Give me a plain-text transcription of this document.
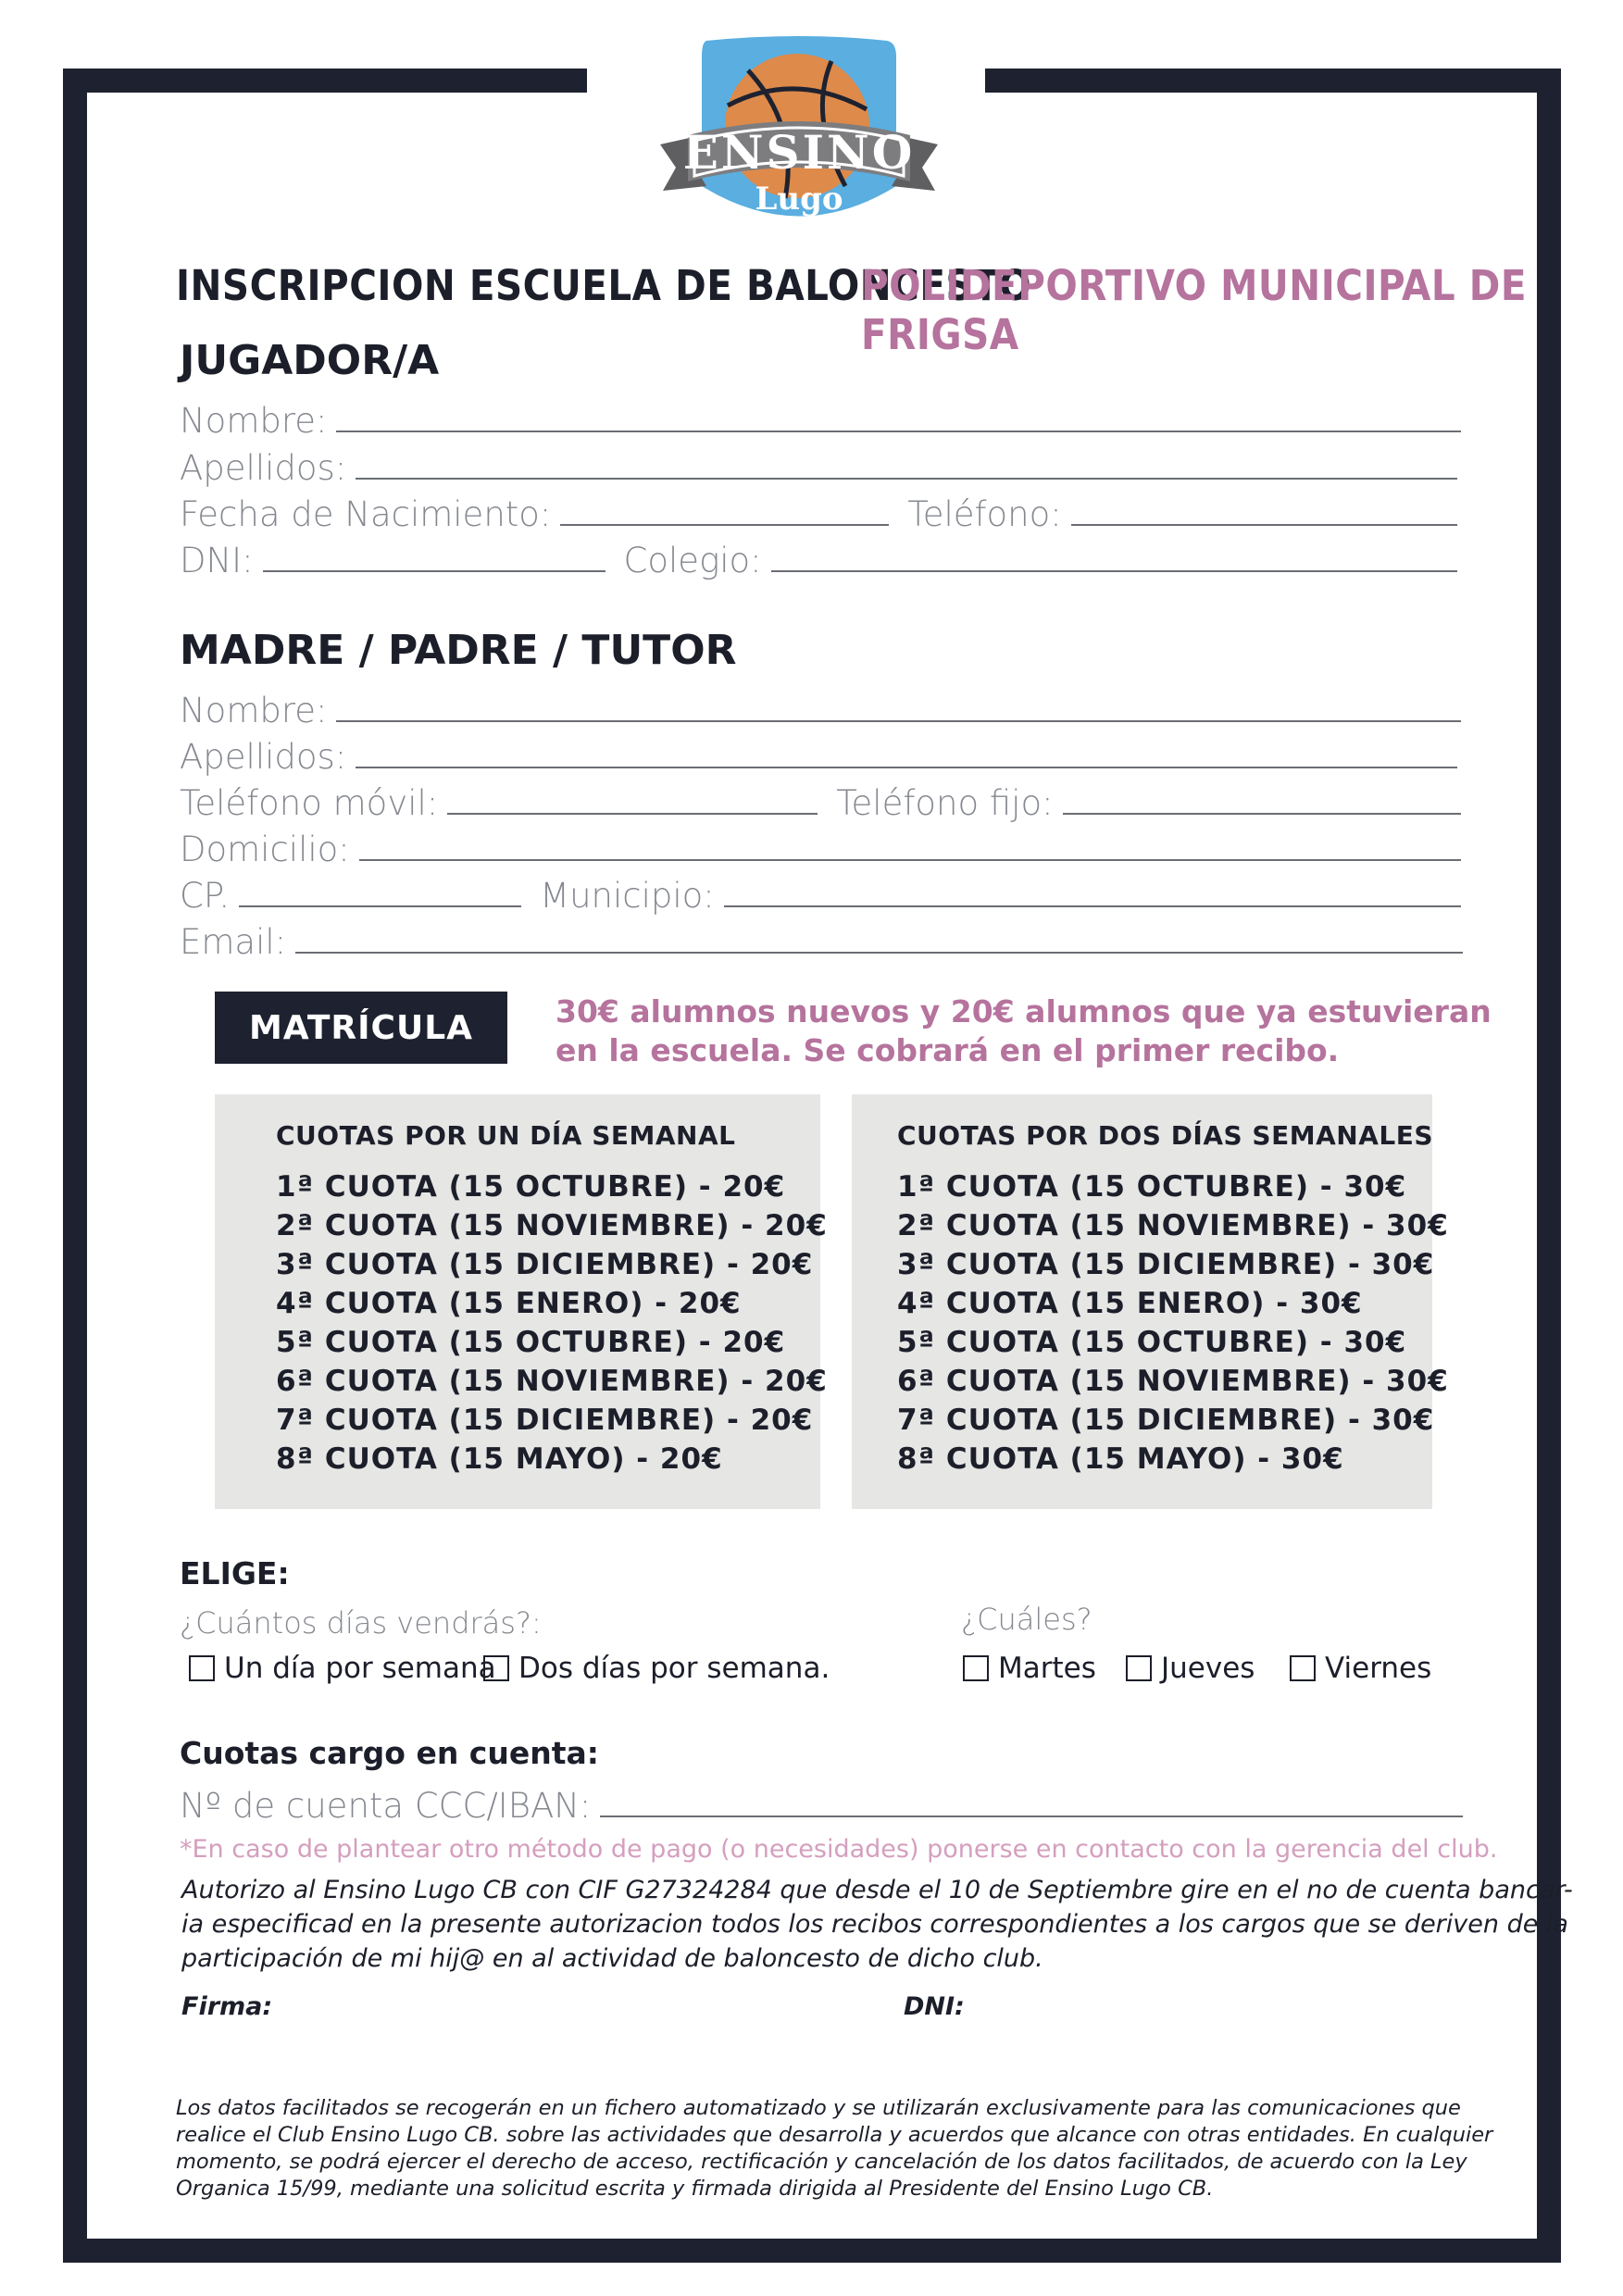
ENSINO
Lugo
INSCRIPCION ESCUELA DE BALONCESTO
POLIDEPORTIVO MUNICIPAL DE FRIGSA
JUGADOR/A
Nombre:
Apellidos:
Fecha de Nacimiento:	Teléfono:
DNI:	Colegio:
MADRE / PADRE / TUTOR
Nombre:
Apellidos:
Teléfono móvil:	Teléfono fijo:
Domicilio:
CP.	Municipio:
Email:
MATRÍCULA	30€ alumnos nuevos y 20€ alumnos que ya estuvieran
en la escuela. Se cobrará en el primer recibo.
CUOTAS POR UN DÍA SEMANAL
1ª CUOTA (15 OCTUBRE) - 20€
2ª CUOTA (15 NOVIEMBRE) - 20€
3ª CUOTA (15 DICIEMBRE) - 20€
4ª CUOTA (15 ENERO) - 20€
5ª CUOTA (15 OCTUBRE) - 20€
6ª CUOTA (15 NOVIEMBRE) - 20€
7ª CUOTA (15 DICIEMBRE) - 20€
8ª CUOTA (15 MAYO) - 20€
CUOTAS POR DOS DÍAS SEMANALES
1ª CUOTA (15 OCTUBRE) - 30€
2ª CUOTA (15 NOVIEMBRE) - 30€
3ª CUOTA (15 DICIEMBRE) - 30€
4ª CUOTA (15 ENERO) - 30€
5ª CUOTA (15 OCTUBRE) - 30€
6ª CUOTA (15 NOVIEMBRE) - 30€
7ª CUOTA (15 DICIEMBRE) - 30€
8ª CUOTA (15 MAYO) - 30€
ELIGE:
¿Cuántos días vendrás?:	¿Cuáles?
Un día por semana Dos días por semana.	Martes Jueves Viernes
Cuotas cargo en cuenta:
Nº de cuenta CCC/IBAN:
*En caso de plantear otro método de pago (o necesidades) ponerse en contacto con la gerencia del club.
Autorizo al Ensino Lugo CB con CIF G27324284 que desde el 10 de Septiembre gire en el no de cuenta bancar-
ia especificad en la presente autorizacion todos los recibos correspondientes a los cargos que se deriven de la
participación de mi hij@ en al actividad de baloncesto de dicho club.
Firma:	DNI:
Los datos facilitados se recogerán en un fichero automatizado y se utilizarán exclusivamente para las comunicaciones que
realice el Club Ensino Lugo CB. sobre las actividades que desarrolla y acuerdos que alcance con otras entidades. En cualquier
momento, se podrá ejercer el derecho de acceso, rectificación y cancelación de los datos facilitados, de acuerdo con la Ley
Organica 15/99, mediante una solicitud escrita y firmada dirigida al Presidente del Ensino Lugo CB.
